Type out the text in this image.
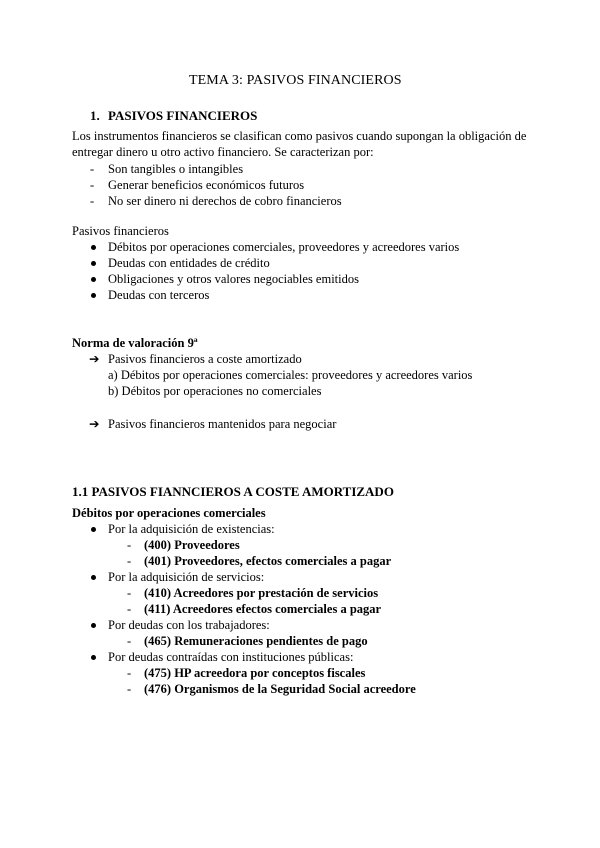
TEMA 3: PASIVOS FINANCIEROS
1. PASIVOS FINANCIEROS
Los instrumentos financieros se clasifican como pasivos cuando supongan la obligación de
entregar dinero u otro activo financiero. Se caracterizan por:
- Son tangibles o intangibles
- Generar beneficios económicos futuros
- No ser dinero ni derechos de cobro financieros
Pasivos financieros
Débitos por operaciones comerciales, proveedores y acreedores varios
Deudas con entidades de crédito
Obligaciones y otros valores negociables emitidos
Deudas con terceros
Norma de valoración 9ª
➔ Pasivos financieros a coste amortizado
a) Débitos por operaciones comerciales: proveedores y acreedores varios
b) Débitos por operaciones no comerciales
➔ Pasivos financieros mantenidos para negociar
1.1 PASIVOS FIANNCIEROS A COSTE AMORTIZADO
Débitos por operaciones comerciales
Por la adquisición de existencias:
- (400) Proveedores
- (401) Proveedores, efectos comerciales a pagar
Por la adquisición de servicios:
- (410) Acreedores por prestación de servicios
- (411) Acreedores efectos comerciales a pagar
Por deudas con los trabajadores:
- (465) Remuneraciones pendientes de pago
Por deudas contraídas con instituciones públicas:
- (475) HP acreedora por conceptos fiscales
- (476) Organismos de la Seguridad Social acreedore
